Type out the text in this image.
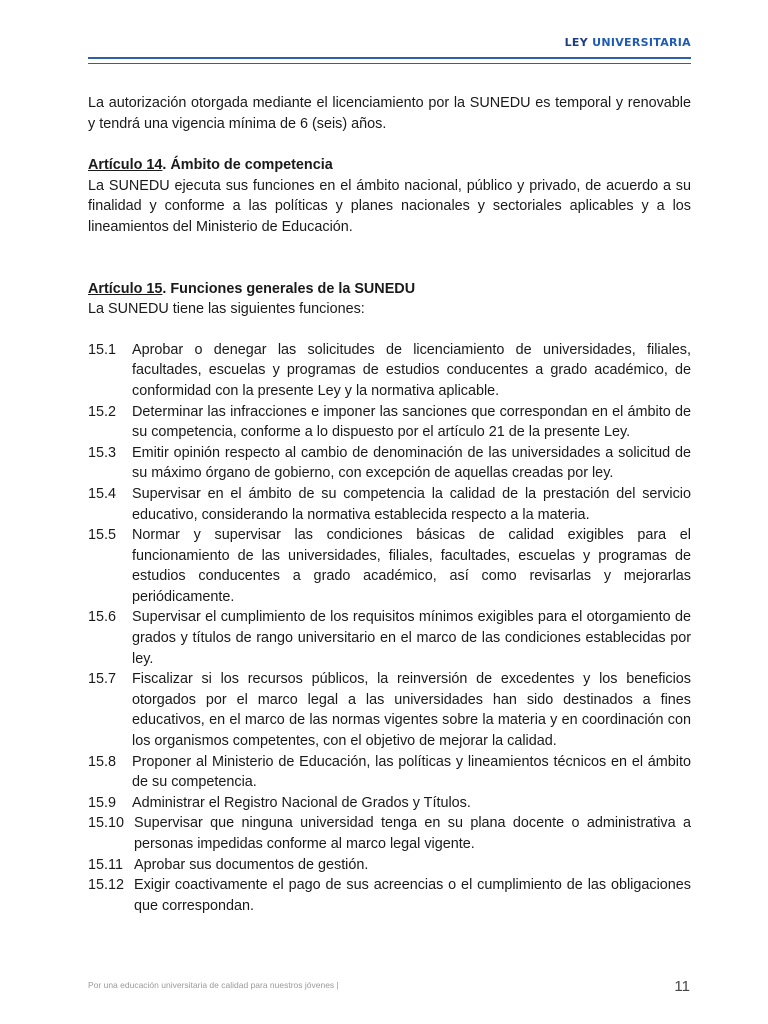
LEY UNIVERSITARIA

La autorización otorgada mediante el licenciamiento por la SUNEDU es temporal y renovable y tendrá una vigencia mínima de 6 (seis) años.

Artículo 14. Ámbito de competencia

La SUNEDU ejecuta sus funciones en el ámbito nacional, público y privado, de acuerdo a su finalidad y conforme a las políticas y planes nacionales y sectoriales aplicables y a los lineamientos del Ministerio de Educación.

Artículo 15. Funciones generales de la SUNEDU

La SUNEDU tiene las siguientes funciones:

15.1	Aprobar o denegar las solicitudes de licenciamiento de universidades, filiales, facultades, escuelas y programas de estudios conducentes a grado académico, de conformidad con la presente Ley y la normativa aplicable.
15.2	Determinar las infracciones e imponer las sanciones que correspondan en el ámbito de su competencia, conforme a lo dispuesto por el artículo 21 de la presente Ley.
15.3	Emitir opinión respecto al cambio de denominación de las universidades a solicitud de su máximo órgano de gobierno, con excepción de aquellas creadas por ley.
15.4	Supervisar en el ámbito de su competencia la calidad de la prestación del servicio educativo, considerando la normativa establecida respecto a la materia.
15.5	Normar y supervisar las condiciones básicas de calidad exigibles para el funcionamiento de las universidades, filiales, facultades, escuelas y programas de estudios conducentes a grado académico, así como revisarlas y mejorarlas periódicamente.
15.6	Supervisar el cumplimiento de los requisitos mínimos exigibles para el otorgamiento de grados y títulos de rango universitario en el marco de las condiciones establecidas por ley.
15.7	Fiscalizar si los recursos públicos, la reinversión de excedentes y los beneficios otorgados por el marco legal a las universidades han sido destinados a fines educativos, en el marco de las normas vigentes sobre la materia y en coordinación con los organismos competentes, con el objetivo de mejorar la calidad.
15.8	Proponer al Ministerio de Educación, las políticas y lineamientos técnicos en el ámbito de su competencia.
15.9	Administrar el Registro Nacional de Grados y Títulos.
15.10 Supervisar que ninguna universidad tenga en su plana docente o administrativa a personas impedidas conforme al marco legal vigente.
15.11 Aprobar sus documentos de gestión.
15.12 Exigir coactivamente el pago de sus acreencias o el cumplimiento de las obligaciones que correspondan.
Por una educación universitaria de calidad para nuestros jóvenes |	11
